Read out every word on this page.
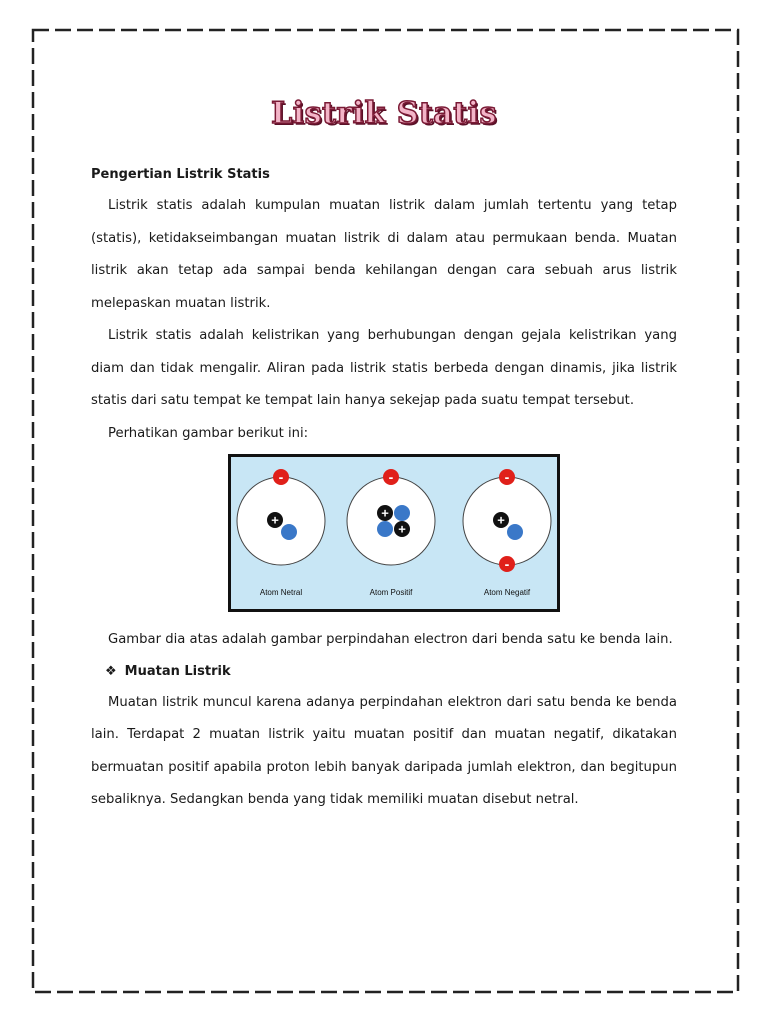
Listrik Statis

Pengertian Listrik Statis

Listrik statis adalah kumpulan muatan listrik dalam jumlah tertentu yang tetap (statis), ketidakseimbangan muatan listrik di dalam atau permukaan benda. Muatan listrik akan tetap ada sampai benda kehilangan dengan cara sebuah arus listrik melepaskan muatan listrik.

Listrik statis adalah kelistrikan yang berhubungan dengan gejala kelistrikan yang diam dan tidak mengalir. Aliran pada listrik statis berbeda dengan dinamis, jika listrik statis dari satu tempat ke tempat lain hanya sekejap pada suatu tempat tersebut.

Perhatikan gambar berikut ini:

+
-
Atom Netral
+
+
-
Atom Positif
+
-
-
Atom Negatif

Gambar dia atas adalah gambar perpindahan electron dari benda satu ke benda lain.

❖ Muatan Listrik

Muatan listrik muncul karena adanya perpindahan elektron dari satu benda ke benda lain. Terdapat 2 muatan listrik yaitu muatan positif dan muatan negatif, dikatakan bermuatan positif apabila proton lebih banyak daripada jumlah elektron, dan begitupun sebaliknya. Sedangkan benda yang tidak memiliki muatan disebut netral.
